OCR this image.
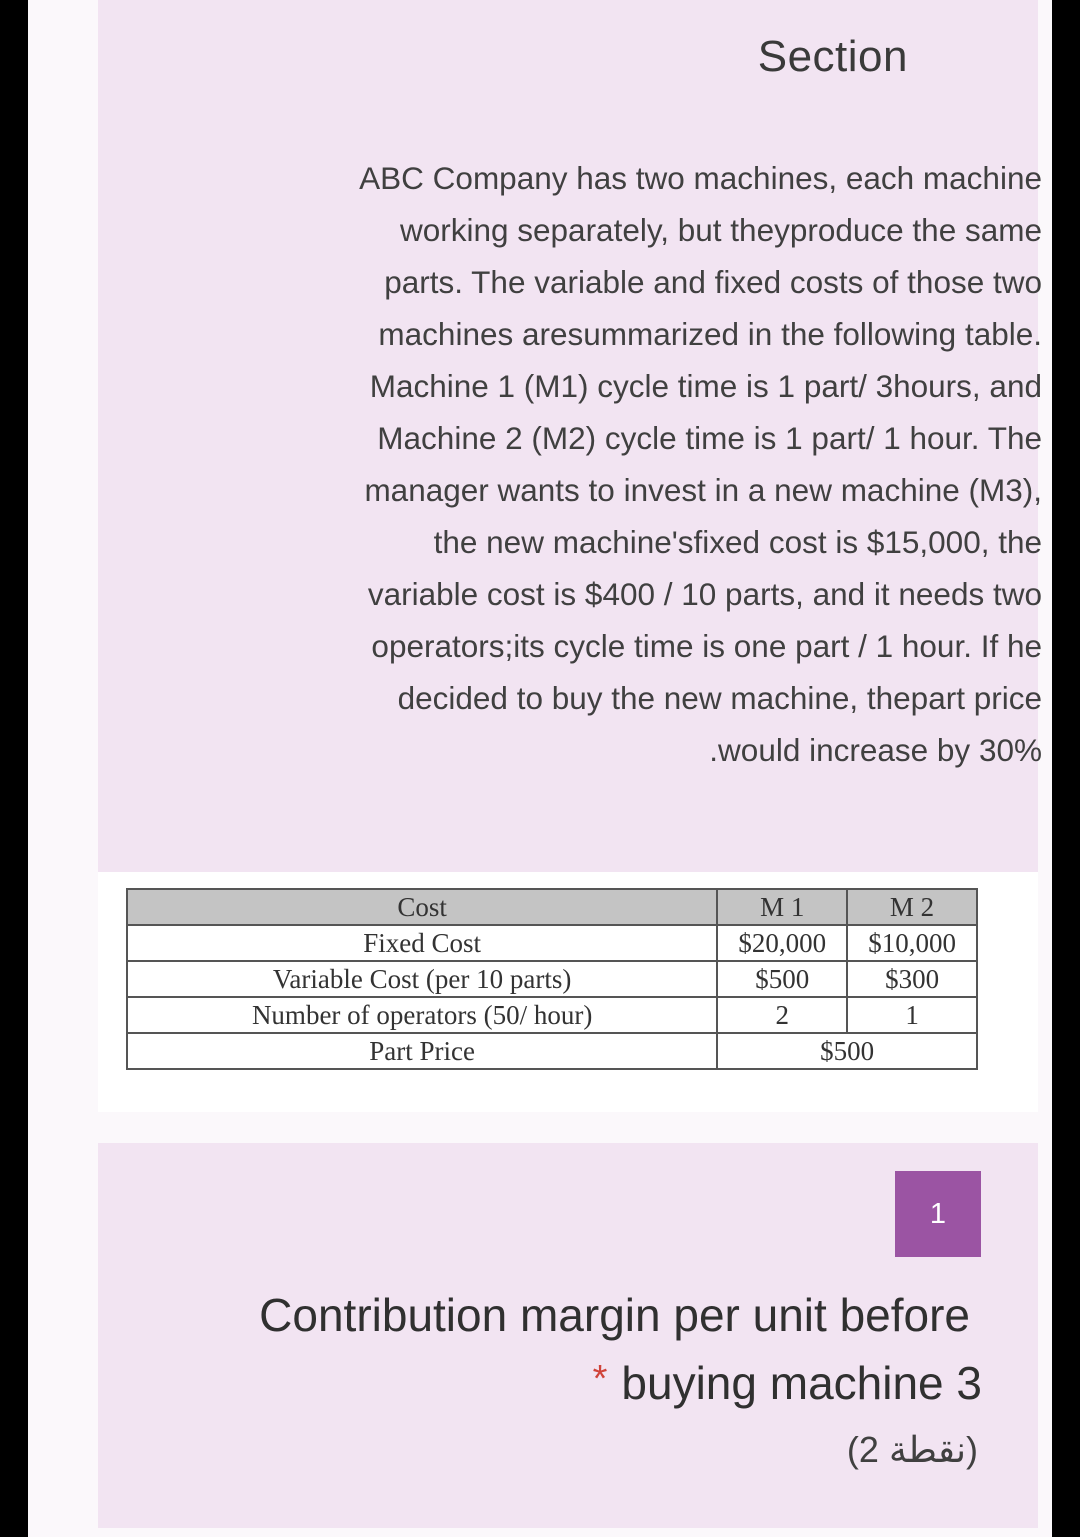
Section

ABC Company has two machines, each machine
working separately, but theyproduce the same
parts. The variable and fixed costs of those two
machines aresummarized in the following table.
Machine 1 (M1) cycle time is 1 part/ 3hours, and
Machine 2 (M2) cycle time is 1 part/ 1 hour. The
manager wants to invest in a new machine (M3),
the new machine'sfixed cost is $15,000, the
variable cost is $400 / 10 parts, and it needs two
operators;its cycle time is one part / 1 hour. If he
decided to buy the new machine, thepart price
.would increase by 30%

Cost	M 1	M 2
Fixed Cost	$20,000	$10,000
Variable Cost (per 10 parts)	$500	$300
Number of operators (50/ hour)	2	1
Part Price	$500	
1
Contribution margin per unit before
* buying machine 3
(2 نقطة)
